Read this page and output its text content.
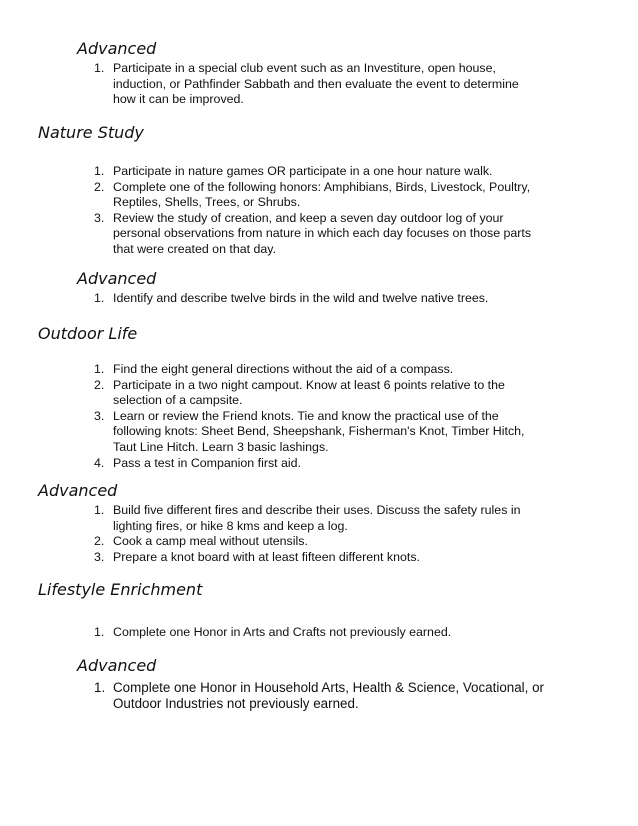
Advanced
1. Participate in a special club event such as an Investiture, open house, induction, or Pathfinder Sabbath and then evaluate the event to determine how it can be improved.
Nature Study
1. Participate in nature games OR participate in a one hour nature walk.
2. Complete one of the following honors: Amphibians, Birds, Livestock, Poultry, Reptiles, Shells, Trees, or Shrubs.
3. Review the study of creation, and keep a seven day outdoor log of your personal observations from nature in which each day focuses on those parts that were created on that day.
Advanced
1. Identify and describe twelve birds in the wild and twelve native trees.
Outdoor Life
1. Find the eight general directions without the aid of a compass.
2. Participate in a two night campout. Know at least 6 points relative to the selection of a campsite.
3. Learn or review the Friend knots. Tie and know the practical use of the following knots: Sheet Bend, Sheepshank, Fisherman's Knot, Timber Hitch, Taut Line Hitch. Learn 3 basic lashings.
4. Pass a test in Companion first aid.
Advanced
1. Build five different fires and describe their uses. Discuss the safety rules in lighting fires, or hike 8 kms and keep a log.
2. Cook a camp meal without utensils.
3. Prepare a knot board with at least fifteen different knots.
Lifestyle Enrichment
1. Complete one Honor in Arts and Crafts not previously earned.
Advanced
1. Complete one Honor in Household Arts, Health & Science, Vocational, or Outdoor Industries not previously earned.
